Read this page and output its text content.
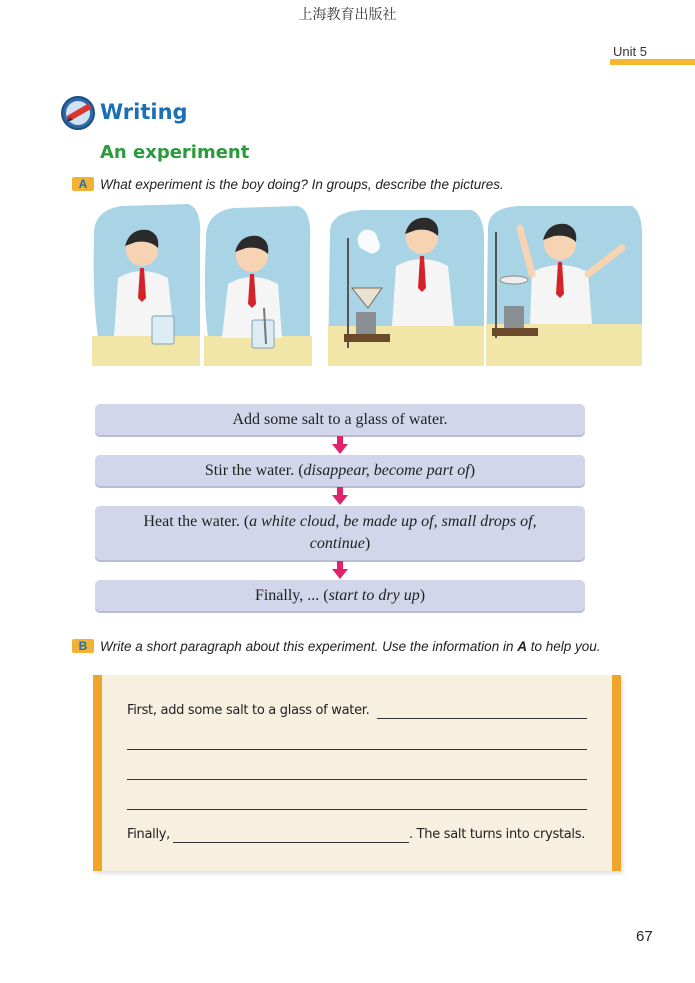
上海教育出版社
Unit 5
Writing
An experiment
A What experiment is the boy doing? In groups, describe the pictures.
Add some salt to a glass of water.
Stir the water. (disappear, become part of)
Heat the water. (a white cloud, be made up of, small drops of, continue)
Finally, ... (start to dry up)
B Write a short paragraph about this experiment. Use the information in A to help you.
First, add some salt to a glass of water.
Finally,	. The salt turns into crystals.
67
